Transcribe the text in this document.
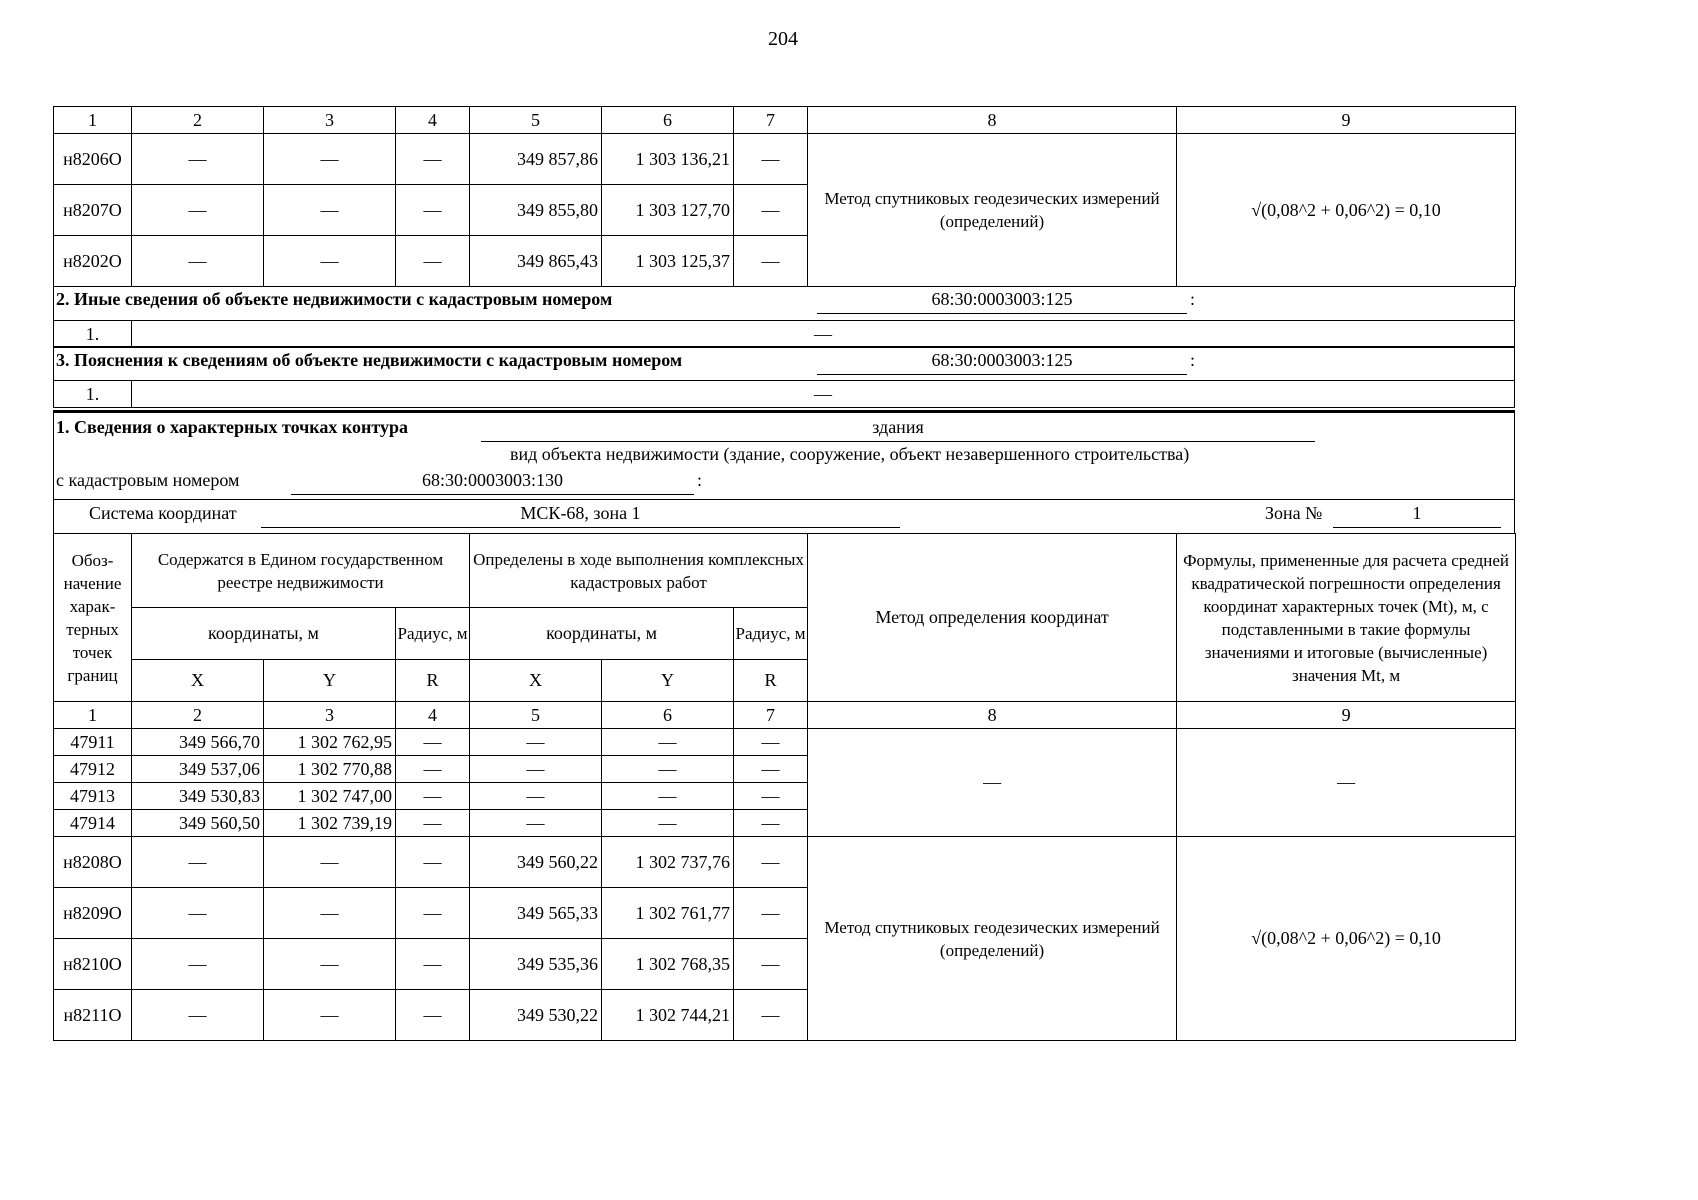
204
1	2	3	4	5	6	7	8	9
н8206О	—	—	—	349 857,86	1 303 136,21	—	Метод спутниковых геодезических измерений (определений)	√(0,08^2 + 0,06^2) = 0,10
н8207О	—	—	—	349 855,80	1 303 127,70	—		
н8202О	—	—	—	349 865,43	1 303 125,37	—		
2. Иные сведения об объекте недвижимости с кадастровым номером	68:30:0003003:125	:
1.	—
3. Пояснения к сведениям об объекте недвижимости с кадастровым номером	68:30:0003003:125	:
1.	—
1. Сведения о характерных точках контура	здания
вид объекта недвижимости (здание, сооружение, объект незавершенного строительства)
с кадастровым номером	68:30:0003003:130	:
Система координат	МСК-68, зона 1	Зона №	1
Обоз-начение харак-терных точек границ	Содержатся в Едином государственном реестре недвижимости			Определены в ходе выполнения комплексных кадастровых работ			Метод определения координат	Формулы, примененные для расчета средней квадратической погрешности определения координат характерных точек (Mt), м, с подставленными в такие формулы значениями и итоговые (вычисленные) значения Mt, м
	координаты, м		Радиус, м	координаты, м		Радиус, м		
	X	Y	R	X	Y	R		
1	2	3	4	5	6	7	8	9
47911	349 566,70	1 302 762,95	—	—	—	—	—	—
47912	349 537,06	1 302 770,88	—	—	—	—		
47913	349 530,83	1 302 747,00	—	—	—	—		
47914	349 560,50	1 302 739,19	—	—	—	—		
н8208О	—	—	—	349 560,22	1 302 737,76	—	Метод спутниковых геодезических измерений (определений)	√(0,08^2 + 0,06^2) = 0,10
н8209О	—	—	—	349 565,33	1 302 761,77	—		
н8210О	—	—	—	349 535,36	1 302 768,35	—		
н8211О	—	—	—	349 530,22	1 302 744,21	—		
